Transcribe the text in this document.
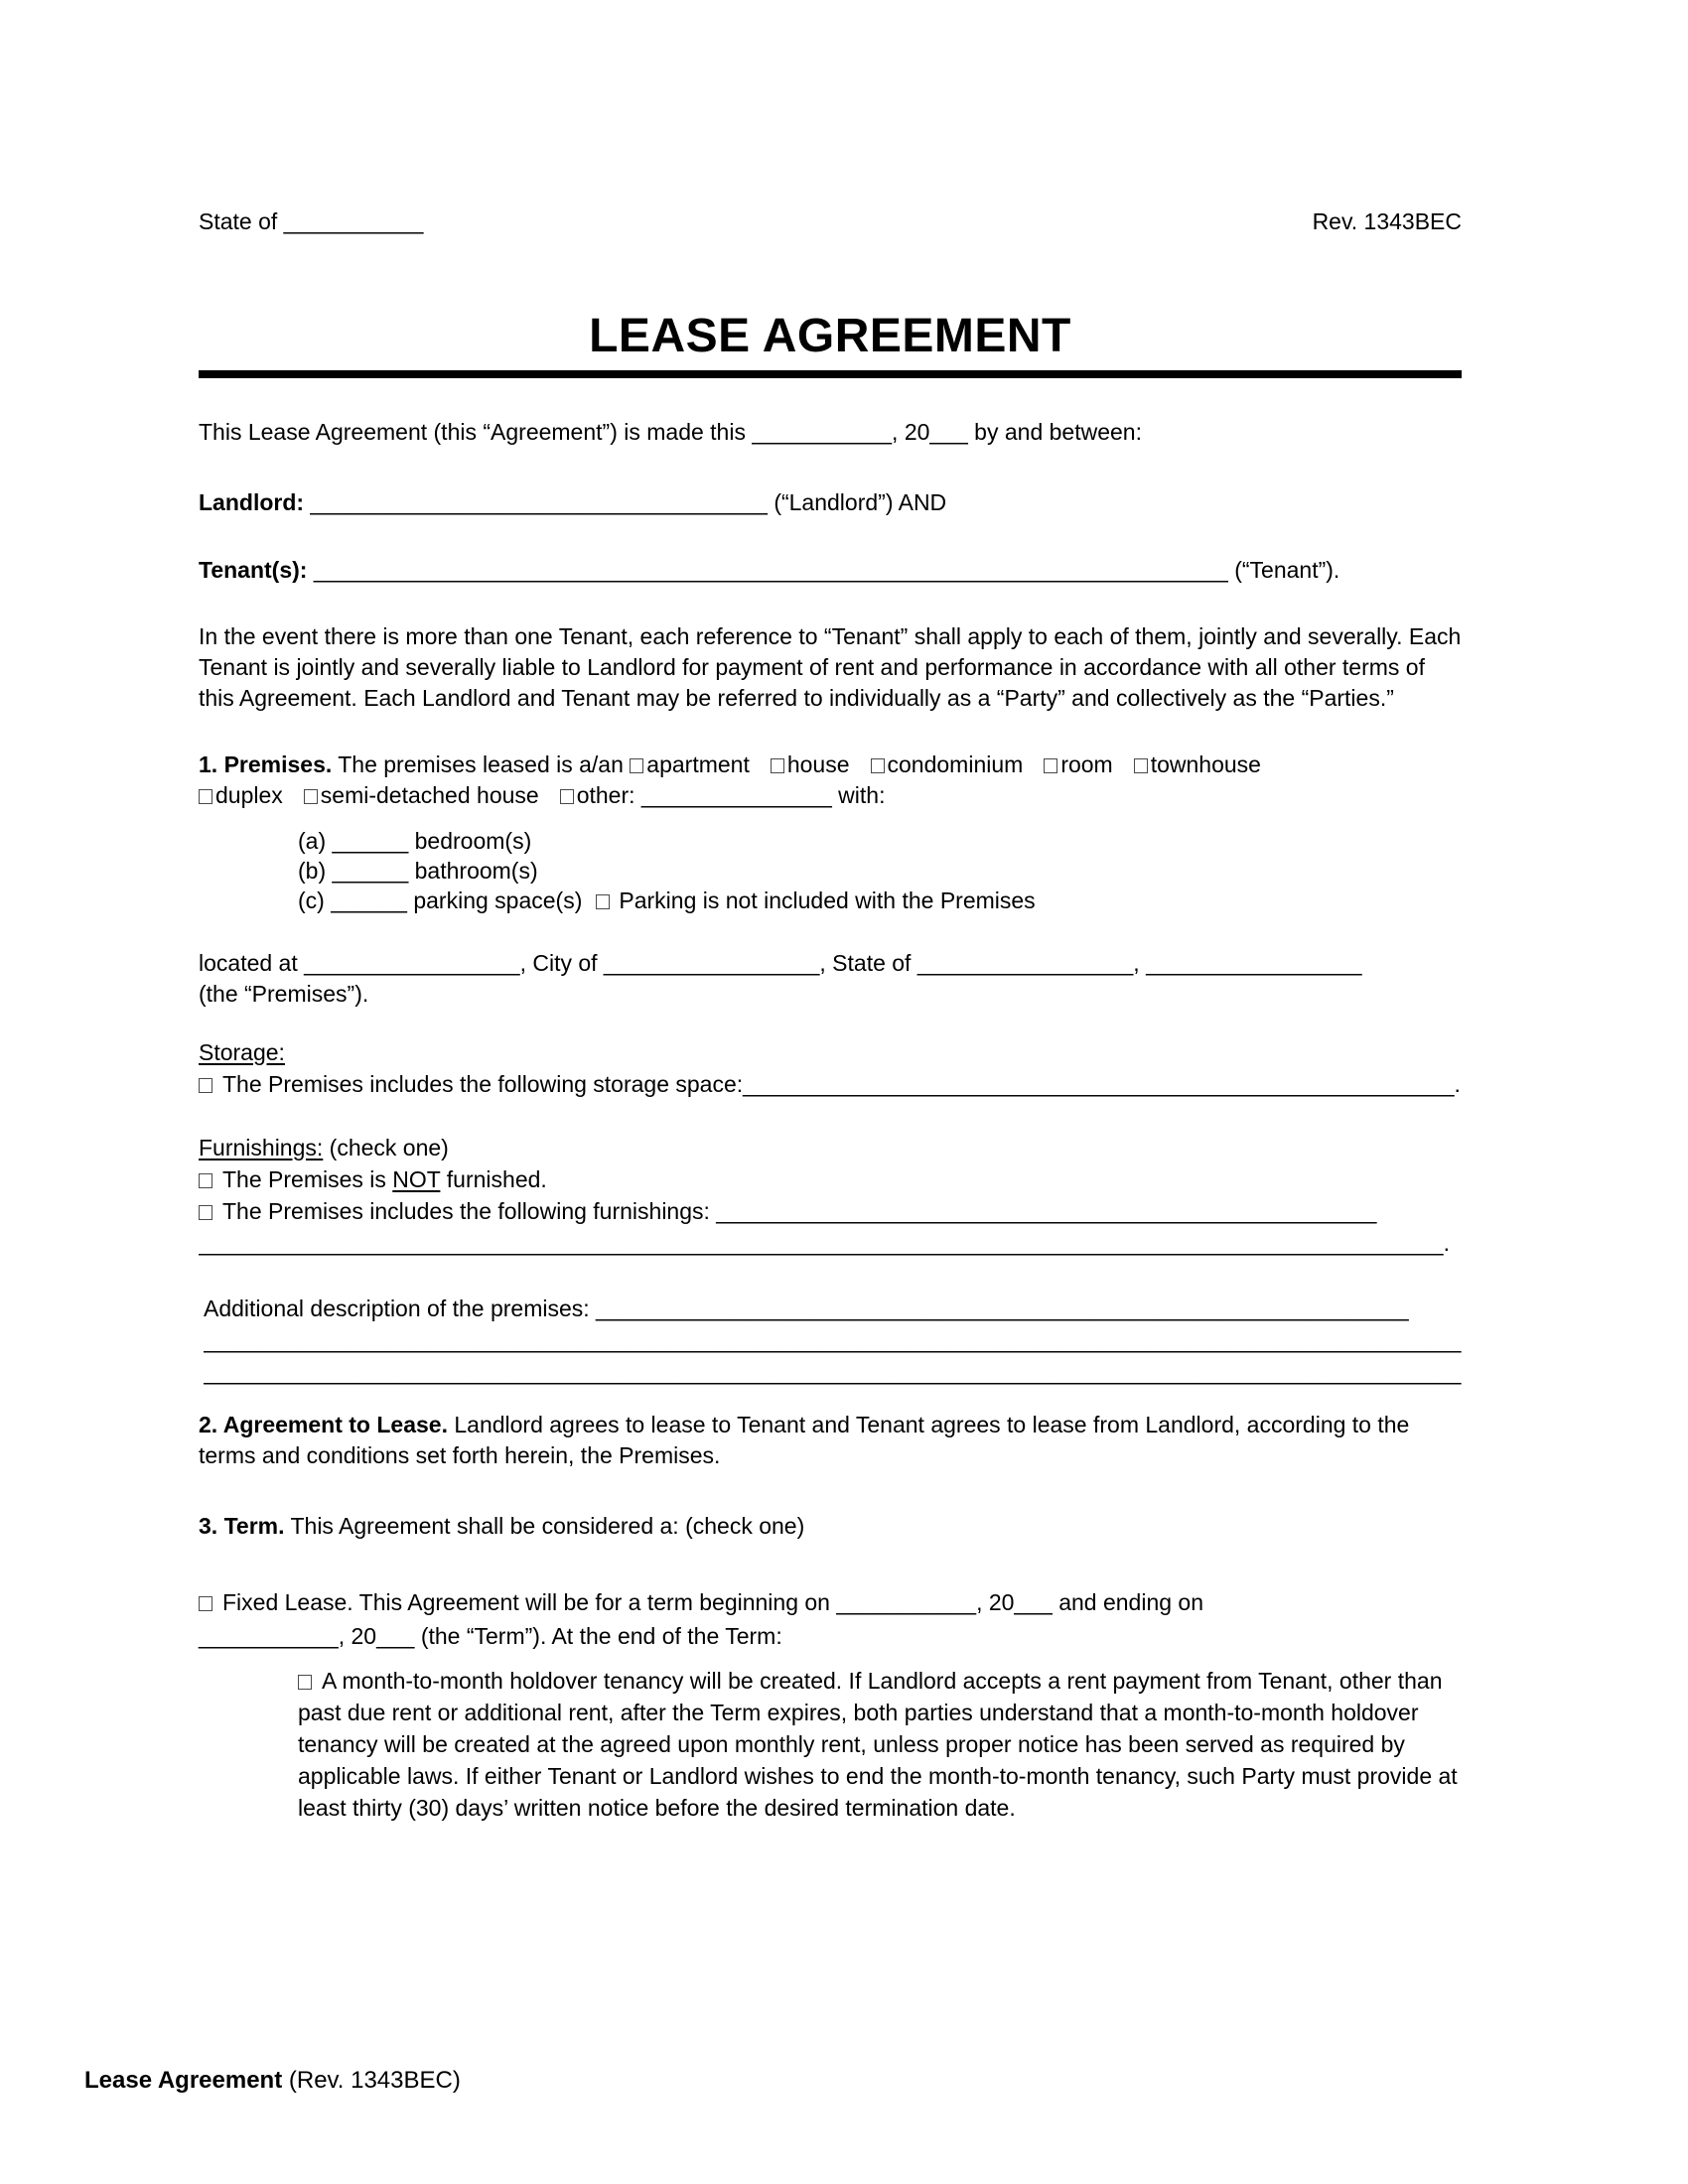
State of ___________	Rev. 1343BEC
LEASE AGREEMENT
This Lease Agreement (this “Agreement”) is made this ___________, 20___ by and between:
Landlord: ____________________________________ (“Landlord”) AND
Tenant(s): ________________________________________________________________________ (“Tenant”).
In the event there is more than one Tenant, each reference to “Tenant” shall apply to each of them, jointly and severally. Each Tenant is jointly and severally liable to Landlord for payment of rent and performance in accordance with all other terms of this Agreement. Each Landlord and Tenant may be referred to individually as a “Party” and collectively as the “Parties.”
1. Premises. The premises leased is a/an apartment house condominium room townhouse
duplex semi-detached house other: _______________ with:
(a) ______ bedroom(s)
(b) ______ bathroom(s)
(c) ______ parking space(s) Parking is not included with the Premises
located at _________________, City of _________________, State of _________________, _________________
(the “Premises”).
Storage:
The Premises includes the following storage space:________________________________________________________.
Furnishings: (check one)
The Premises is NOT furnished.
The Premises includes the following furnishings: ____________________________________________________
__________________________________________________________________________________________________.
Additional description of the premises: ________________________________________________________________
___________________________________________________________________________________________________
___________________________________________________________________________________________________
2. Agreement to Lease. Landlord agrees to lease to Tenant and Tenant agrees to lease from Landlord, according to the terms and conditions set forth herein, the Premises.
3. Term. This Agreement shall be considered a: (check one)
Fixed Lease. This Agreement will be for a term beginning on ___________, 20___ and ending on
___________, 20___ (the “Term”). At the end of the Term:
A month-to-month holdover tenancy will be created. If Landlord accepts a rent payment from Tenant, other than past due rent or additional rent, after the Term expires, both parties understand that a month-to-month holdover tenancy will be created at the agreed upon monthly rent, unless proper notice has been served as required by applicable laws. If either Tenant or Landlord wishes to end the month-to-month tenancy, such Party must provide at least thirty (30) days’ written notice before the desired termination date.
Lease Agreement (Rev. 1343BEC)
